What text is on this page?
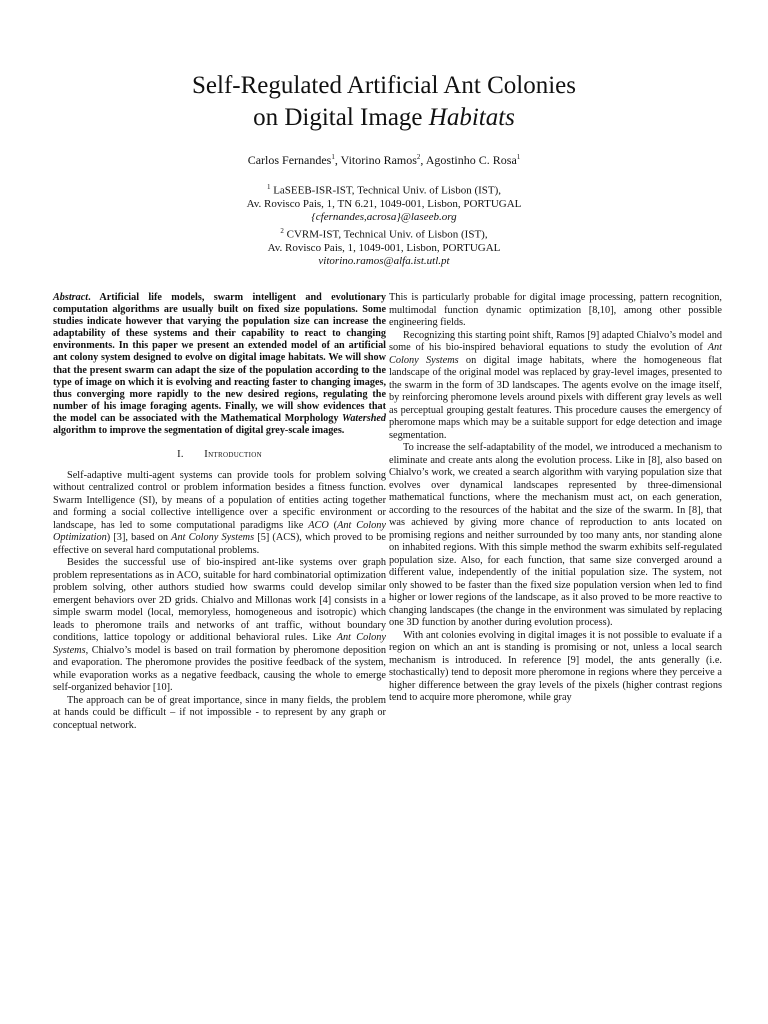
Self-Regulated Artificial Ant Colonies
on Digital Image Habitats
Carlos Fernandes$^1$, Vitorino Ramos$^2$, Agostinho C. Rosa$^1$
$^1$ LaSEEB-ISR-IST, Technical Univ. of Lisbon (IST),
Av. Rovisco Pais, 1, TN 6.21, 1049-001, Lisbon, PORTUGAL
{cfernandes,acrosa}@laseeb.org
$^2$ CVRM-IST, Technical Univ. of Lisbon (IST),
Av. Rovisco Pais, 1, 1049-001, Lisbon, PORTUGAL
vitorino.ramos@alfa.ist.utl.pt

Abstract. Artificial life models, swarm intelligent and evolutionary computation algorithms are usually built on fixed size populations. Some studies indicate however that varying the population size can increase the adaptability of these systems and their capability to react to changing environments. In this paper we present an extended model of an artificial ant colony system designed to evolve on digital image habitats. We will show that the present swarm can adapt the size of the population according to the type of image on which it is evolving and reacting faster to changing images, thus converging more rapidly to the new desired regions, regulating the number of his image foraging agents. Finally, we will show evidences that the model can be associated with the Mathematical Morphology Watershed algorithm to improve the segmentation of digital grey-scale images.

I. Introduction

Self-adaptive multi-agent systems can provide tools for problem solving without centralized control or problem information besides a fitness function. Swarm Intelligence (SI), by means of a population of entities acting together and forming a social collective intelligence over a specific environment or landscape, has led to some computational paradigms like ACO (Ant Colony Optimization) [3], based on Ant Colony Systems [5] (ACS), which proved to be effective on several hard computational problems.

Besides the successful use of bio-inspired ant-like systems over graph problem representations as in ACO, suitable for hard combinatorial optimization problem solving, other authors studied how swarms could develop similar emergent behaviors over 2D grids. Chialvo and Millonas work [4] consists in a simple swarm model (local, memoryless, homogeneous and isotropic) which leads to pheromone trails and networks of ant traffic, without boundary conditions, lattice topology or additional behavioral rules. Like Ant Colony Systems, Chialvo’s model is based on trail formation by pheromone deposition and evaporation. The pheromone provides the positive feedback of the system, while evaporation works as a negative feedback, causing the whole to emerge self-organized behavior [10].

The approach can be of great importance, since in many fields, the problem at hands could be difficult – if not impossible - to represent by any graph or conceptual network.

This is particularly probable for digital image processing, pattern recognition, multimodal function dynamic optimization [8,10], among other possible engineering fields.

Recognizing this starting point shift, Ramos [9] adapted Chialvo’s model and some of his bio-inspired behavioral equations to study the evolution of Ant Colony Systems on digital image habitats, where the homogeneous flat landscape of the original model was replaced by gray-level images, presented to the swarm in the form of 3D landscapes. The agents evolve on the image itself, by reinforcing pheromone levels around pixels with different gray levels as well as perceptual grouping gestalt features. This procedure causes the emergency of pheromone maps which may be a suitable support for edge detection and image segmentation.

To increase the self-adaptability of the model, we introduced a mechanism to eliminate and create ants along the evolution process. Like in [8], also based on Chialvo’s work, we created a search algorithm with varying population size that evolves over dynamical landscapes represented by three-dimensional mathematical functions, where the mechanism must act, on each generation, according to the resources of the habitat and the size of the swarm. In [8], that was achieved by giving more chance of reproduction to ants located on promising regions and neither surrounded by too many ants, nor standing alone on inhabited regions. With this simple method the swarm exhibits self-regulated population size. Also, for each function, that same size converged around a different value, independently of the initial population size. The system, not only showed to be faster than the fixed size population version when led to find higher or lower regions of the landscape, as it also proved to be more reactive to changing landscapes (the change in the environment was simulated by replacing one 3D function by another during evolution process).

With ant colonies evolving in digital images it is not possible to evaluate if a region on which an ant is standing is promising or not, unless a local search mechanism is introduced. In reference [9] model, the ants generally (i.e. stochastically) tend to deposit more pheromone in regions where they perceive a higher difference between the gray levels of the pixels (higher contrast regions tend to acquire more pheromone, while gray
